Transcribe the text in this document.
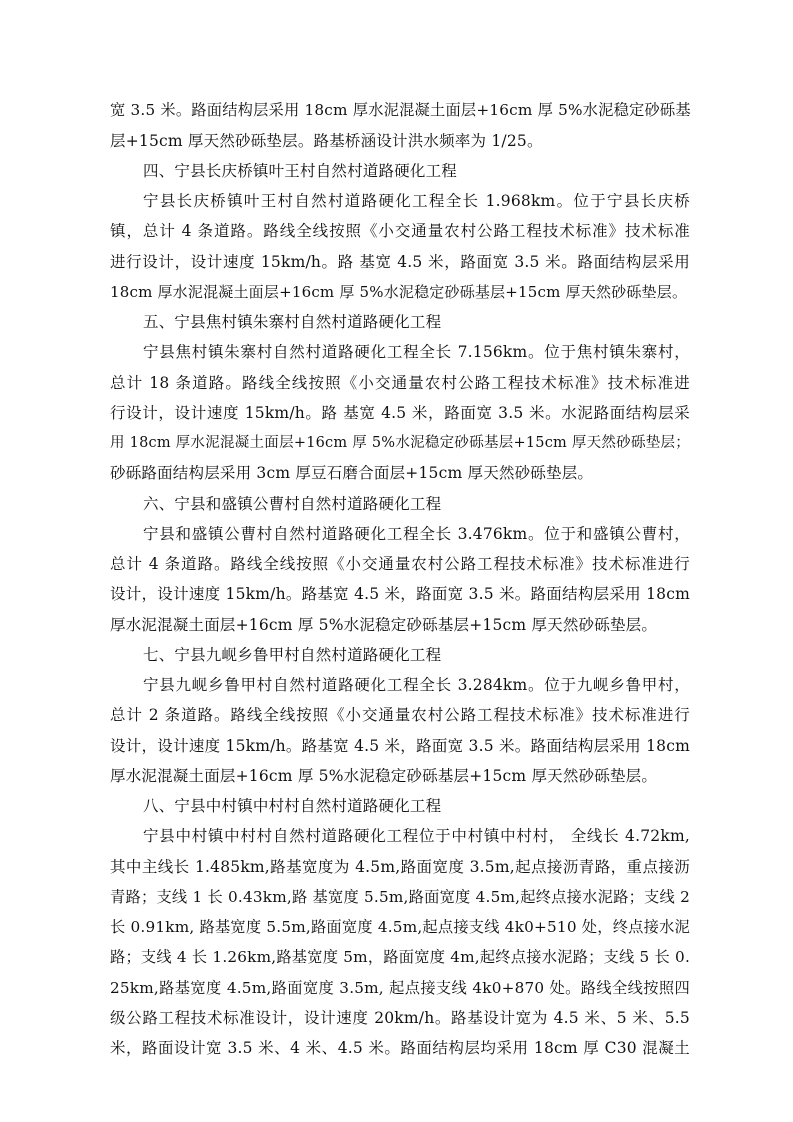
宽 3.5 米。路面结构层采用 18cm 厚水泥混凝土面层+16cm 厚 5%水泥稳定砂砾基
层+15cm 厚天然砂砾垫层。路基桥涵设计洪水频率为 1/25。
四、宁县长庆桥镇叶王村自然村道路硬化工程
宁县长庆桥镇叶王村自然村道路硬化工程全长 1.968km。位于宁县长庆桥
镇，总计 4 条道路。路线全线按照《小交通量农村公路工程技术标准》技术标准
进行设计，设计速度 15km/h。路 基宽 4.5 米，路面宽 3.5 米。路面结构层采用
18cm 厚水泥混凝土面层+16cm 厚 5%水泥稳定砂砾基层+15cm 厚天然砂砾垫层。
五、宁县焦村镇朱寨村自然村道路硬化工程
宁县焦村镇朱寨村自然村道路硬化工程全长 7.156km。位于焦村镇朱寨村，
总计 18 条道路。路线全线按照《小交通量农村公路工程技术标准》技术标准进
行设计，设计速度 15km/h。路 基宽 4.5 米，路面宽 3.5 米。水泥路面结构层采
用 18cm 厚水泥混凝土面层+16cm 厚 5%水泥稳定砂砾基层+15cm 厚天然砂砾垫层；
砂砾路面结构层采用 3cm 厚豆石磨合面层+15cm 厚天然砂砾垫层。
六、宁县和盛镇公曹村自然村道路硬化工程
宁县和盛镇公曹村自然村道路硬化工程全长 3.476km。位于和盛镇公曹村，
总计 4 条道路。路线全线按照《小交通量农村公路工程技术标准》技术标准进行
设计，设计速度 15km/h。路基宽 4.5 米，路面宽 3.5 米。路面结构层采用 18cm
厚水泥混凝土面层+16cm 厚 5%水泥稳定砂砾基层+15cm 厚天然砂砾垫层。
七、宁县九岘乡鲁甲村自然村道路硬化工程
宁县九岘乡鲁甲村自然村道路硬化工程全长 3.284km。位于九岘乡鲁甲村，
总计 2 条道路。路线全线按照《小交通量农村公路工程技术标准》技术标准进行
设计，设计速度 15km/h。路基宽 4.5 米，路面宽 3.5 米。路面结构层采用 18cm
厚水泥混凝土面层+16cm 厚 5%水泥稳定砂砾基层+15cm 厚天然砂砾垫层。
八、宁县中村镇中村村自然村道路硬化工程
宁县中村镇中村村自然村道路硬化工程位于中村镇中村村， 全线长 4.72km,
其中主线长 1.485km,路基宽度为 4.5m,路面宽度 3.5m,起点接沥青路，重点接沥
青路；支线 1 长 0.43km,路 基宽度 5.5m,路面宽度 4.5m,起终点接水泥路；支线 2
长 0.91km, 路基宽度 5.5m,路面宽度 4.5m,起点接支线 4k0+510 处，终点接水泥
路；支线 4 长 1.26km,路基宽度 5m，路面宽度 4m,起终点接水泥路；支线 5 长 0.
25km,路基宽度 4.5m,路面宽度 3.5m, 起点接支线 4k0+870 处。路线全线按照四
级公路工程技术标准设计，设计速度 20km/h。路基设计宽为 4.5 米、5 米、5.5
米，路面设计宽 3.5 米、4 米、4.5 米。路面结构层均采用 18cm 厚 C30 混凝土
